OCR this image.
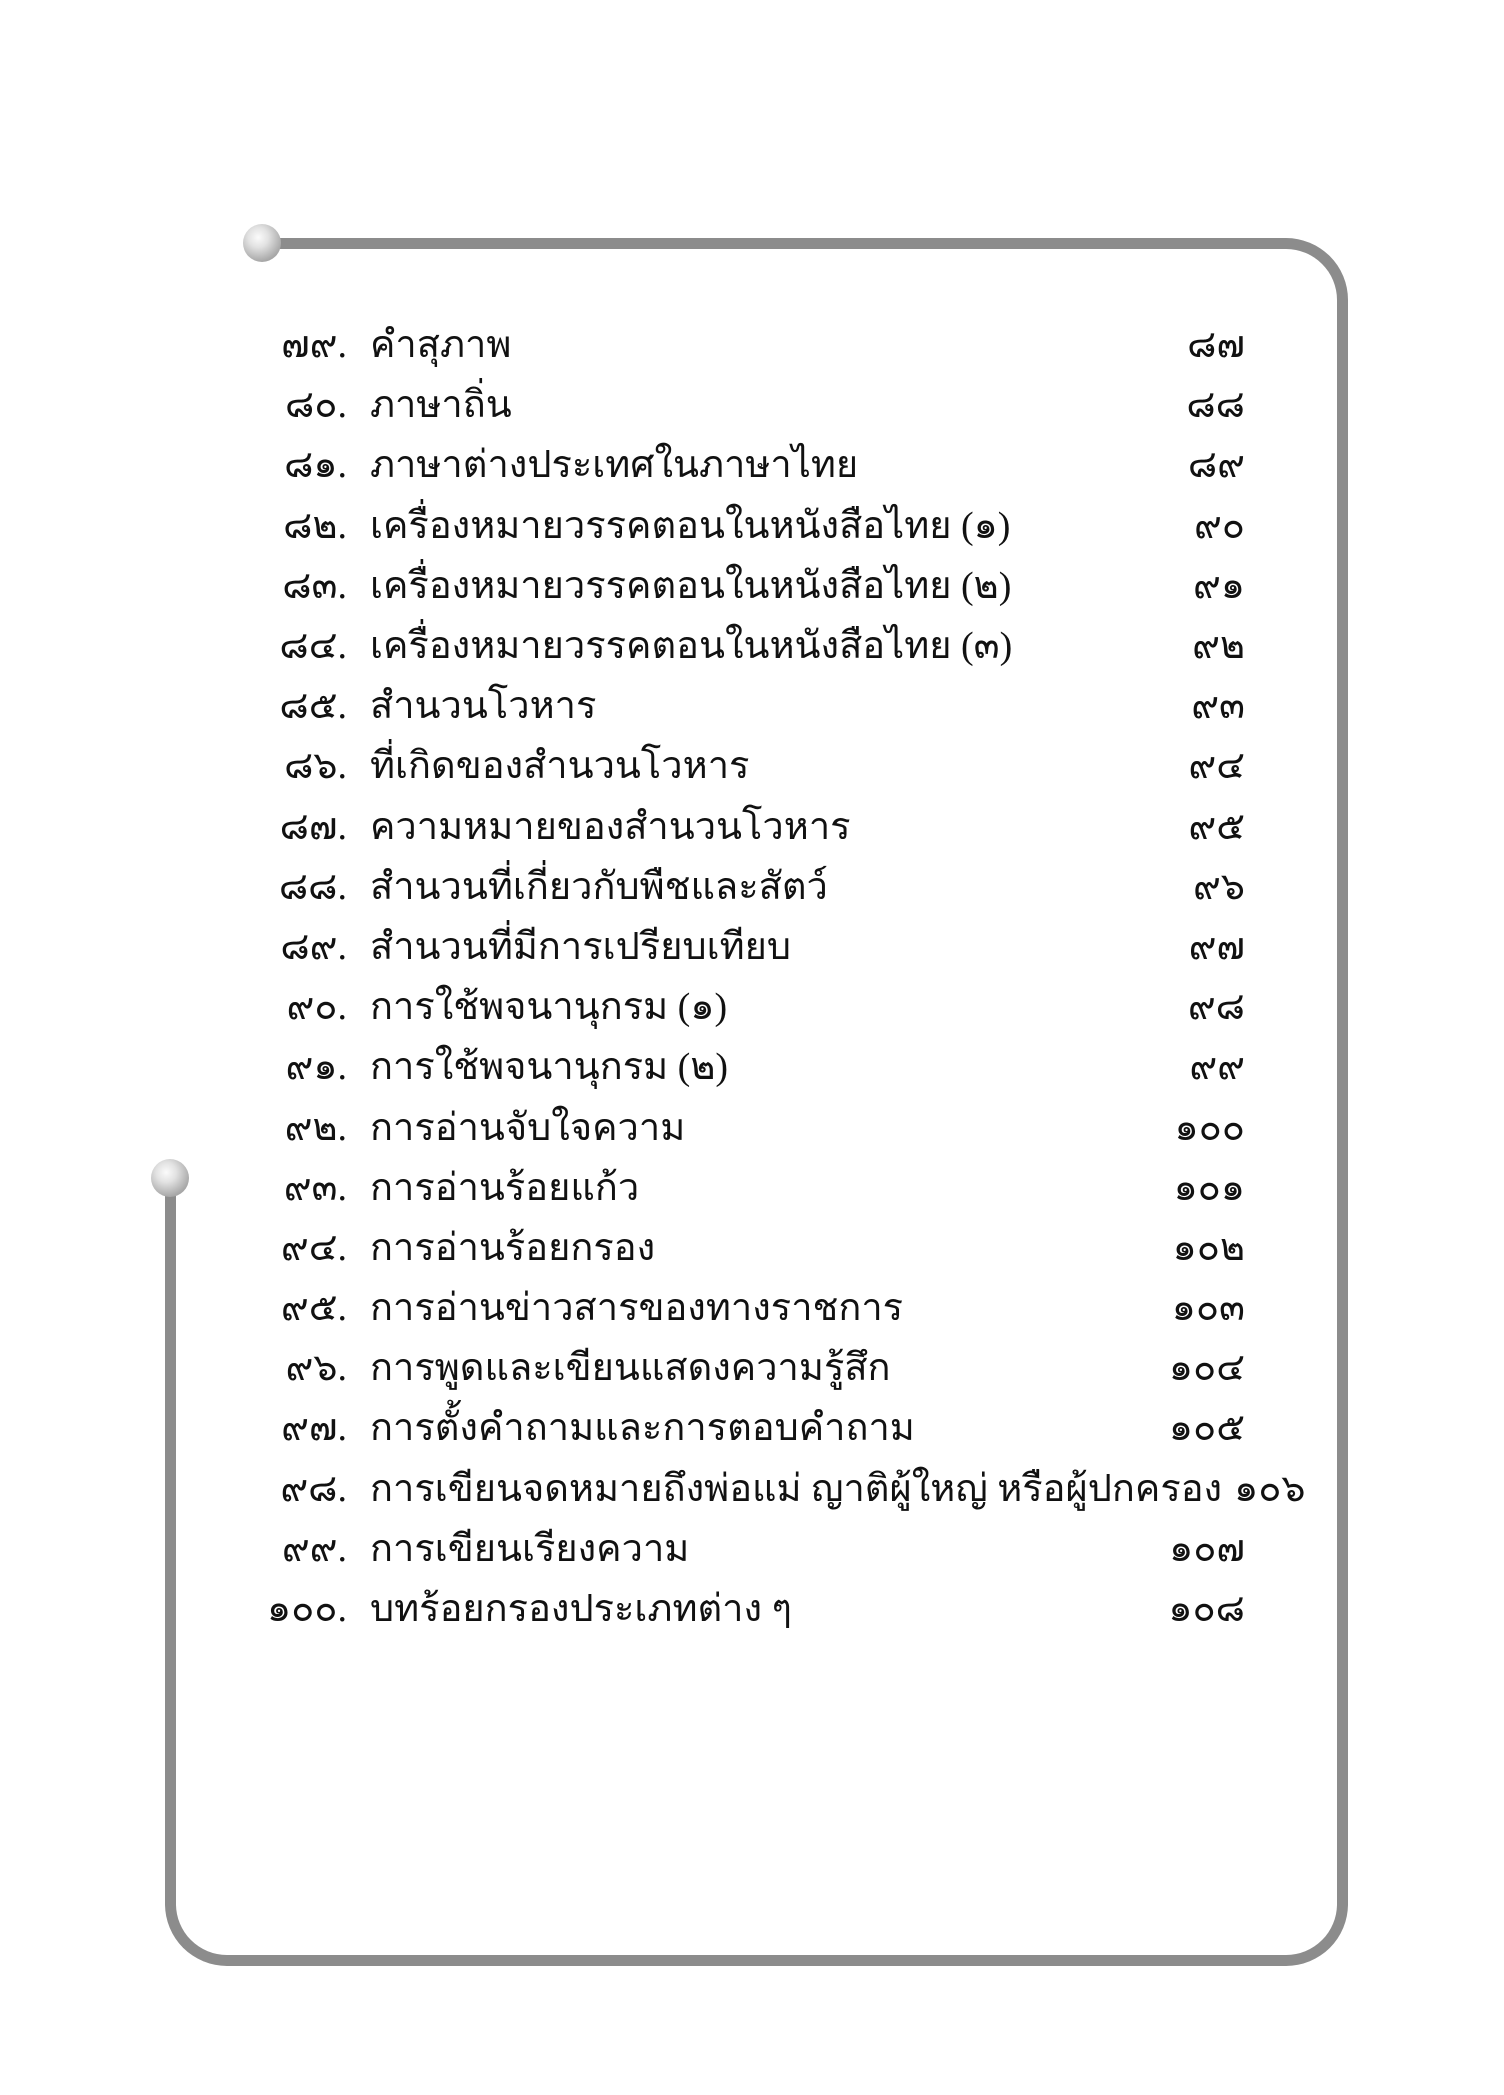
๗๙. คำสุภาพ	๘๗
๘๐. ภาษาถิ่น	๘๘
๘๑. ภาษาต่างประเทศในภาษาไทย	๘๙
๘๒. เครื่องหมายวรรคตอนในหนังสือไทย (๑)	๙๐
๘๓. เครื่องหมายวรรคตอนในหนังสือไทย (๒)	๙๑
๘๔. เครื่องหมายวรรคตอนในหนังสือไทย (๓)	๙๒
๘๕. สำนวนโวหาร	๙๓
๘๖. ที่เกิดของสำนวนโวหาร	๙๔
๘๗. ความหมายของสำนวนโวหาร	๙๕
๘๘. สำนวนที่เกี่ยวกับพืชและสัตว์	๙๖
๘๙. สำนวนที่มีการเปรียบเทียบ	๙๗
๙๐. การใช้พจนานุกรม (๑)	๙๘
๙๑. การใช้พจนานุกรม (๒)	๙๙
๙๒. การอ่านจับใจความ	๑๐๐
๙๓. การอ่านร้อยแก้ว	๑๐๑
๙๔. การอ่านร้อยกรอง	๑๐๒
๙๕. การอ่านข่าวสารของทางราชการ	๑๐๓
๙๖. การพูดและเขียนแสดงความรู้สึก	๑๐๔
๙๗. การตั้งคำถามและการตอบคำถาม	๑๐๕
๙๘. การเขียนจดหมายถึงพ่อแม่ ญาติผู้ใหญ่ หรือผู้ปกครอง ๑๐๖
๙๙. การเขียนเรียงความ	๑๐๗
๑๐๐. บทร้อยกรองประเภทต่าง ๆ	๑๐๘
